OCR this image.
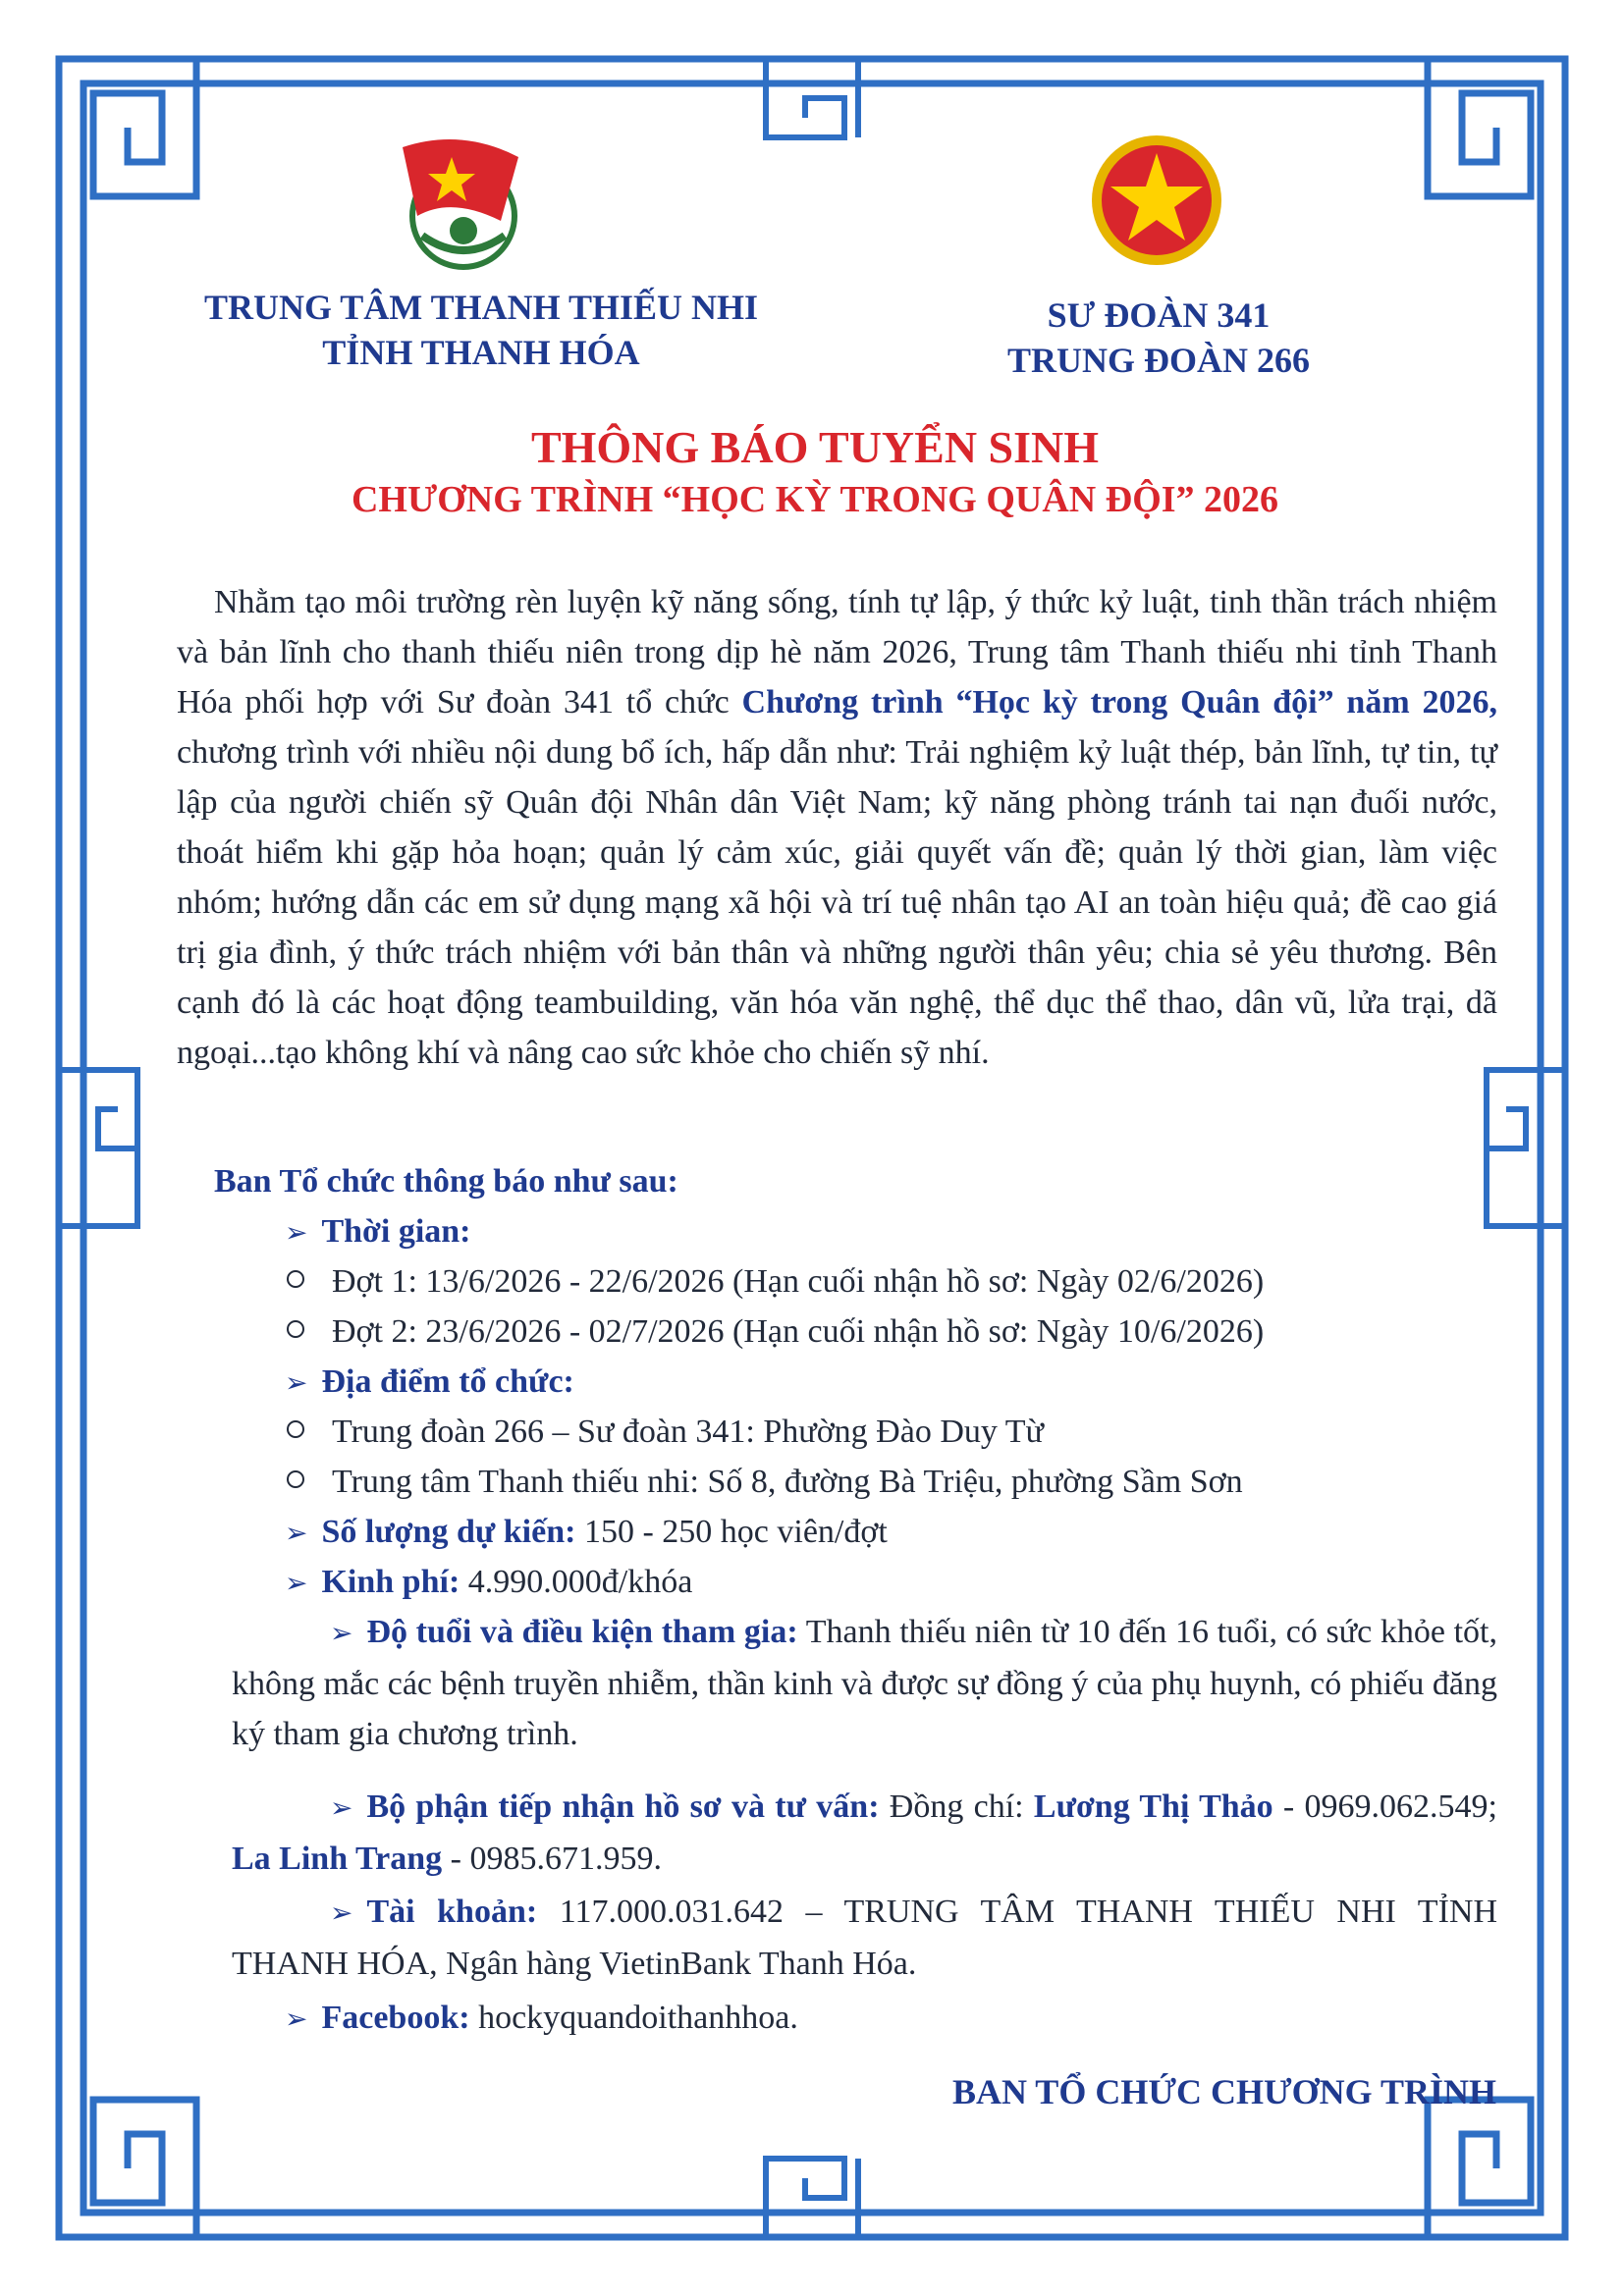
TRUNG TÂM THANH THIẾU NHI
TỈNH THANH HÓA
SƯ ĐOÀN 341
TRUNG ĐOÀN 266
THÔNG BÁO TUYỂN SINH
CHƯƠNG TRÌNH “HỌC KỲ TRONG QUÂN ĐỘI” 2026
Nhằm tạo môi trường rèn luyện kỹ năng sống, tính tự lập, ý thức kỷ luật, tinh thần trách nhiệm và bản lĩnh cho thanh thiếu niên trong dịp hè năm 2026, Trung tâm Thanh thiếu nhi tỉnh Thanh Hóa phối hợp với Sư đoàn 341 tổ chức Chương trình “Học kỳ trong Quân đội” năm 2026, chương trình với nhiều nội dung bổ ích, hấp dẫn như: Trải nghiệm kỷ luật thép, bản lĩnh, tự tin, tự lập của người chiến sỹ Quân đội Nhân dân Việt Nam; kỹ năng phòng tránh tai nạn đuối nước, thoát hiểm khi gặp hỏa hoạn; quản lý cảm xúc, giải quyết vấn đề; quản lý thời gian, làm việc nhóm; hướng dẫn các em sử dụng mạng xã hội và trí tuệ nhân tạo AI an toàn hiệu quả; đề cao giá trị gia đình, ý thức trách nhiệm với bản thân và những người thân yêu; chia sẻ yêu thương. Bên cạnh đó là các hoạt động teambuilding, văn hóa văn nghệ, thể dục thể thao, dân vũ, lửa trại, dã ngoại...tạo không khí và nâng cao sức khỏe cho chiến sỹ nhí.
Ban Tổ chức thông báo như sau:
➢ Thời gian:
Đợt 1: 13/6/2026 - 22/6/2026 (Hạn cuối nhận hồ sơ: Ngày 02/6/2026)
Đợt 2: 23/6/2026 - 02/7/2026 (Hạn cuối nhận hồ sơ: Ngày 10/6/2026)
➢ Địa điểm tổ chức:
Trung đoàn 266 – Sư đoàn 341: Phường Đào Duy Từ
Trung tâm Thanh thiếu nhi: Số 8, đường Bà Triệu, phường Sầm Sơn
➢ Số lượng dự kiến: 150 - 250 học viên/đợt
➢ Kinh phí: 4.990.000đ/khóa
➢ Độ tuổi và điều kiện tham gia: Thanh thiếu niên từ 10 đến 16 tuổi, có sức khỏe tốt, không mắc các bệnh truyền nhiễm, thần kinh và được sự đồng ý của phụ huynh, có phiếu đăng ký tham gia chương trình.
➢ Bộ phận tiếp nhận hồ sơ và tư vấn: Đồng chí: Lương Thị Thảo - 0969.062.549; La Linh Trang - 0985.671.959.
➢ Tài khoản: 117.000.031.642 – TRUNG TÂM THANH THIẾU NHI TỈNH THANH HÓA, Ngân hàng VietinBank Thanh Hóa.
➢ Facebook: hockyquandoithanhhoa.
BAN TỔ CHỨC CHƯƠNG TRÌNH
